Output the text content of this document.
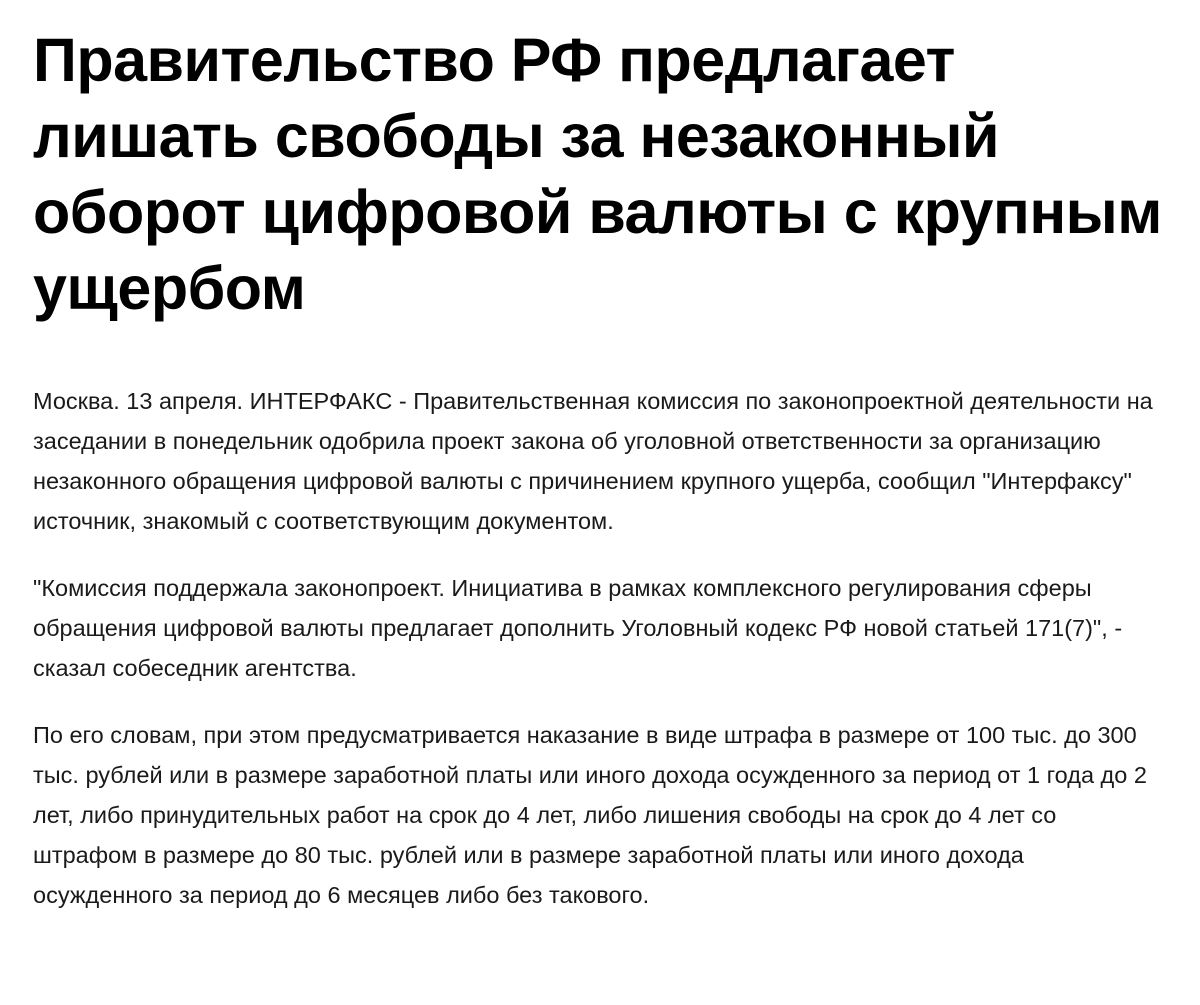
Правительство РФ предлагает лишать свободы за незаконный оборот цифровой валюты с крупным ущербом

Москва. 13 апреля. ИНТЕРФАКС - Правительственная комиссия по законопроектной деятельности на заседании в понедельник одобрила проект закона об уголовной ответственности за организацию незаконного обращения цифровой валюты с причинением крупного ущерба, сообщил "Интерфаксу" источник, знакомый с соответствующим документом.

"Комиссия поддержала законопроект. Инициатива в рамках комплексного регулирования сферы обращения цифровой валюты предлагает дополнить Уголовный кодекс РФ новой статьей 171(7)", - сказал собеседник агентства.

По его словам, при этом предусматривается наказание в виде штрафа в размере от 100 тыс. до 300 тыс. рублей или в размере заработной платы или иного дохода осужденного за период от 1 года до 2 лет, либо принудительных работ на срок до 4 лет, либо лишения свободы на срок до 4 лет со штрафом в размере до 80 тыс. рублей или в размере заработной платы или иного дохода осужденного за период до 6 месяцев либо без такового.
